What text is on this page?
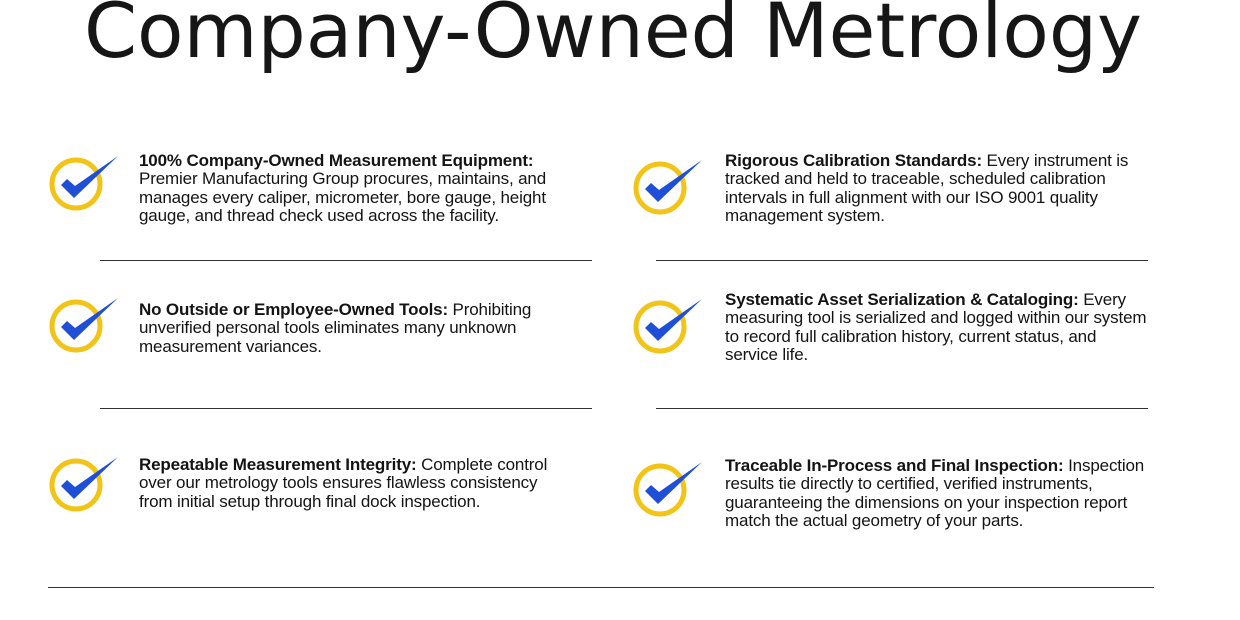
Company-Owned Metrology
100% Company-Owned Measurement Equipment: Premier Manufacturing Group procures, maintains, and manages every caliper, micrometer, bore gauge, height gauge, and thread check used across the facility.
Rigorous Calibration Standards: Every instrument is tracked and held to traceable, scheduled calibration intervals in full alignment with our ISO 9001 quality management system.
No Outside or Employee-Owned Tools: Prohibiting unverified personal tools eliminates many unknown measurement variances.
Systematic Asset Serialization & Cataloging: Every measuring tool is serialized and logged within our system to record full calibration history, current status, and service life.
Repeatable Measurement Integrity: Complete control over our metrology tools ensures flawless consistency from initial setup through final dock inspection.
Traceable In-Process and Final Inspection: Inspection results tie directly to certified, verified instruments, guaranteeing the dimensions on your inspection report match the actual geometry of your parts.
